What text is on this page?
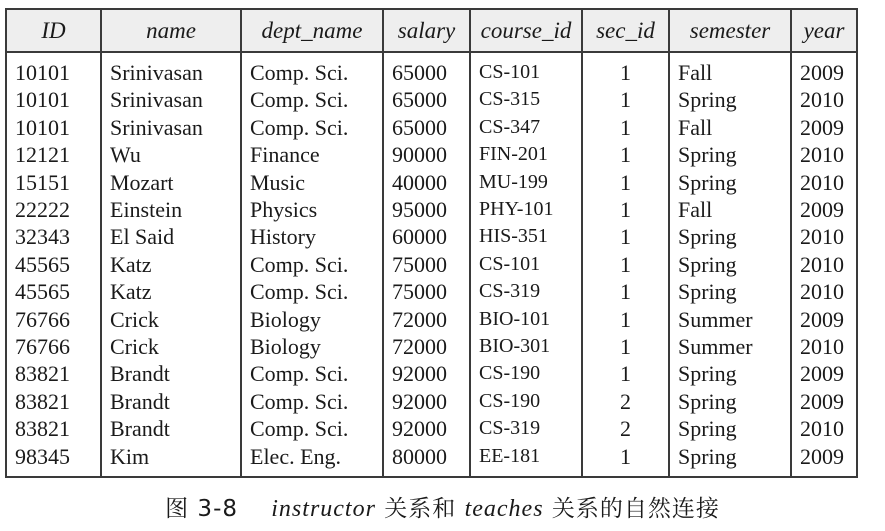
ID	name	dept_name	salary	course_id	sec_id	semester	year
10101	Srinivasan	Comp. Sci.	65000	CS-101	1	Fall	2009
10101	Srinivasan	Comp. Sci.	65000	CS-315	1	Spring	2010
10101	Srinivasan	Comp. Sci.	65000	CS-347	1	Fall	2009
12121	Wu	Finance	90000	FIN-201	1	Spring	2010
15151	Mozart	Music	40000	MU-199	1	Spring	2010
22222	Einstein	Physics	95000	PHY-101	1	Fall	2009
32343	El Said	History	60000	HIS-351	1	Spring	2010
45565	Katz	Comp. Sci.	75000	CS-101	1	Spring	2010
45565	Katz	Comp. Sci.	75000	CS-319	1	Spring	2010
76766	Crick	Biology	72000	BIO-101	1	Summer	2009
76766	Crick	Biology	72000	BIO-301	1	Summer	2010
83821	Brandt	Comp. Sci.	92000	CS-190	1	Spring	2009
83821	Brandt	Comp. Sci.	92000	CS-190	2	Spring	2009
83821	Brandt	Comp. Sci.	92000	CS-319	2	Spring	2010
98345	Kim	Elec. Eng.	80000	EE-181	1	Spring	2009
图 3-8 instructor 关系和 teaches 关系的自然连接
